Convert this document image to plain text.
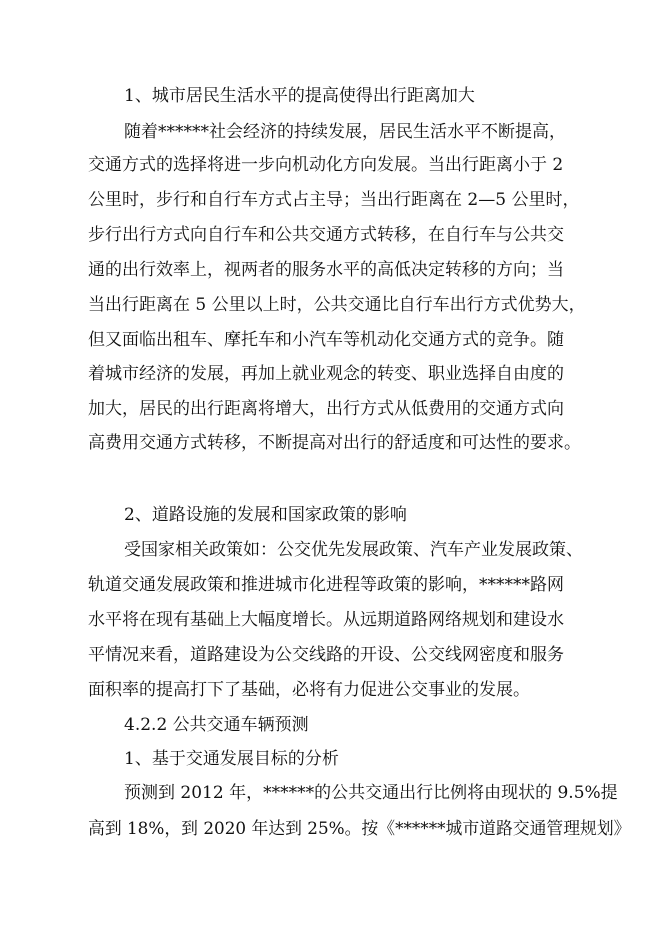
1、城市居民生活水平的提高使得出行距离加大
随着******社会经济的持续发展，居民生活水平不断提高，
交通方式的选择将进一步向机动化方向发展。当出行距离小于 2
公里时，步行和自行车方式占主导；当出行距离在 2—5 公里时，
步行出行方式向自行车和公共交通方式转移，在自行车与公共交
通的出行效率上，视两者的服务水平的高低决定转移的方向；当
当出行距离在 5 公里以上时，公共交通比自行车出行方式优势大，
但又面临出租车、摩托车和小汽车等机动化交通方式的竞争。随
着城市经济的发展，再加上就业观念的转变、职业选择自由度的
加大，居民的出行距离将增大，出行方式从低费用的交通方式向
高费用交通方式转移，不断提高对出行的舒适度和可达性的要求。
2、道路设施的发展和国家政策的影响
受国家相关政策如：公交优先发展政策、汽车产业发展政策、
轨道交通发展政策和推进城市化进程等政策的影响，******路网
水平将在现有基础上大幅度增长。从远期道路网络规划和建设水
平情况来看，道路建设为公交线路的开设、公交线网密度和服务
面积率的提高打下了基础，必将有力促进公交事业的发展。
4.2.2 公共交通车辆预测
1、基于交通发展目标的分析
预测到 2012 年，******的公共交通出行比例将由现状的 9.5%提
高到 18%，到 2020 年达到 25%。按《******城市道路交通管理规划》
